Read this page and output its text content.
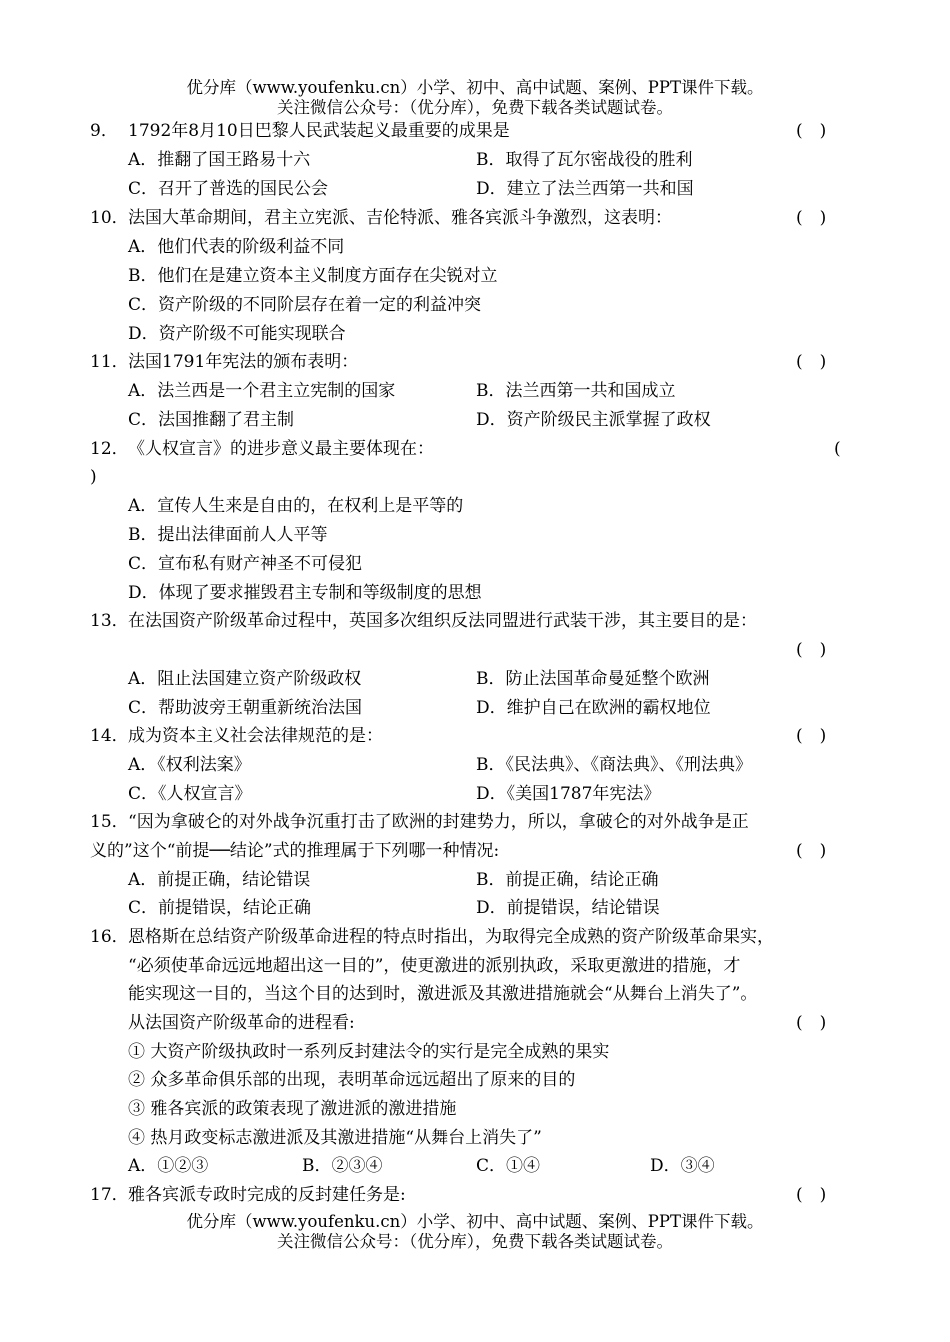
优分库（www.youfenku.cn）小学、初中、高中试题、案例、PPT课件下载。
关注微信公众号：（优分库），免费下载各类试题试卷。
9． 1792年8月10日巴黎人民武装起义最重要的成果是	(　)
A．推翻了国王路易十六	B．取得了瓦尔密战役的胜利
C．召开了普选的国民公会	D．建立了法兰西第一共和国
10． 法国大革命期间，君主立宪派、吉伦特派、雅各宾派斗争激烈，这表明：	(　)
A．他们代表的阶级利益不同
B．他们在是建立资本主义制度方面存在尖锐对立
C．资产阶级的不同阶层存在着一定的利益冲突
D．资产阶级不可能实现联合
11． 法国1791年宪法的颁布表明：	(　)
A．法兰西是一个君主立宪制的国家	B．法兰西第一共和国成立
C．法国推翻了君主制	D．资产阶级民主派掌握了政权
12． 《人权宣言》的进步意义最主要体现在：	(
)
A．宣传人生来是自由的，在权利上是平等的
B．提出法律面前人人平等
C．宣布私有财产神圣不可侵犯
D．体现了要求摧毁君主专制和等级制度的思想
13． 在法国资产阶级革命过程中，英国多次组织反法同盟进行武装干涉，其主要目的是：
(　)
A．阻止法国建立资产阶级政权	B．防止法国革命曼延整个欧洲
C．帮助波旁王朝重新统治法国	D．维护自己在欧洲的霸权地位
14． 成为资本主义社会法律规范的是：	(　)
A．《权利法案》	B．《民法典》、《商法典》、《刑法典》
C．《人权宣言》	D．《美国1787年宪法》
15． “因为拿破仑的对外战争沉重打击了欧洲的封建势力，所以，拿破仑的对外战争是正
义的”这个“前提──结论”式的推理属于下列哪一种情况:	(　)
A．前提正确，结论错误	B．前提正确，结论正确
C．前提错误，结论正确	D．前提错误，结论错误
16． 恩格斯在总结资产阶级革命进程的特点时指出，为取得完全成熟的资产阶级革命果实，
“必须使革命远远地超出这一目的”，使更激进的派别执政，采取更激进的措施，才
能实现这一目的，当这个目的达到时，激进派及其激进措施就会“从舞台上消失了”。
从法国资产阶级革命的进程看:	(　)
① 大资产阶级执政时一系列反封建法令的实行是完全成熟的果实
② 众多革命俱乐部的出现，表明革命远远超出了原来的目的
③ 雅各宾派的政策表现了激进派的激进措施
④ 热月政变标志激进派及其激进措施“从舞台上消失了”
A．①②③	B．②③④	C．①④	D．③④
17． 雅各宾派专政时完成的反封建任务是:	(　)
优分库（www.youfenku.cn）小学、初中、高中试题、案例、PPT课件下载。
关注微信公众号：（优分库），免费下载各类试题试卷。
